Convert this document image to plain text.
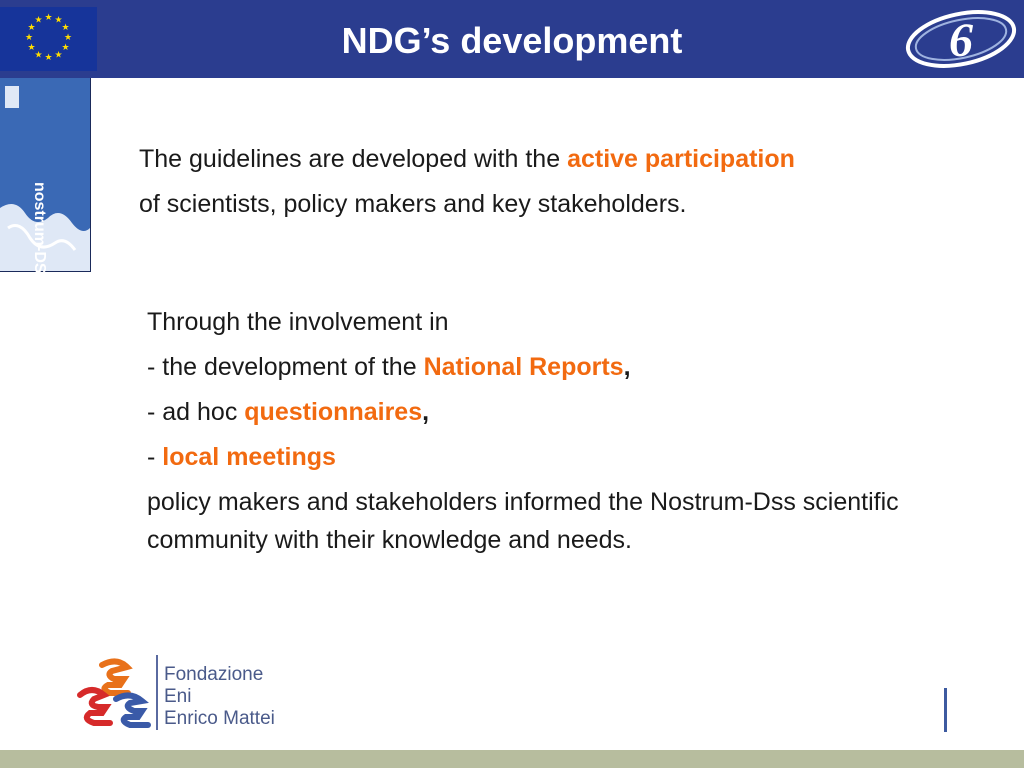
★ ★
★
★
★
★
★
★
★
★
★
★	NDG’s development	6
nostrum-DSS
The guidelines are developed with the active participation
of scientists, policy makers and key stakeholders.
Through the involvement in
- the development of the National Reports,
- ad hoc questionnaires,
- local meetings
policy makers and stakeholders informed the Nostrum-Dss scientific community with their knowledge and needs.
Fondazione
Eni
Enrico Mattei
